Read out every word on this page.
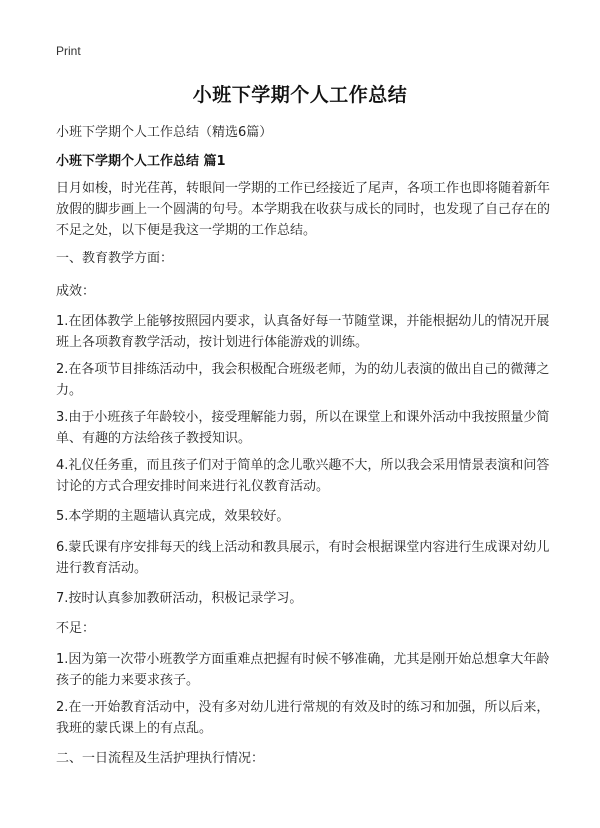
Print
小班下学期个人工作总结
小班下学期个人工作总结（精选6篇）
小班下学期个人工作总结 篇1

日月如梭，时光荏苒，转眼间一学期的工作已经接近了尾声，各项工作也即将随着新年放假的脚步画上一个圆满的句号。本学期我在收获与成长的同时，也发现了自己存在的不足之处，以下便是我这一学期的工作总结。

一、教育教学方面：

成效：

1.在团体教学上能够按照园内要求，认真备好每一节随堂课，并能根据幼儿的情况开展班上各项教育教学活动，按计划进行体能游戏的训练。

2.在各项节目排练活动中，我会积极配合班级老师，为的幼儿表演的做出自己的微薄之力。

3.由于小班孩子年龄较小，接受理解能力弱，所以在课堂上和课外活动中我按照量少简单、有趣的方法给孩子教授知识。

4.礼仪任务重，而且孩子们对于简单的念儿歌兴趣不大，所以我会采用情景表演和问答讨论的方式合理安排时间来进行礼仪教育活动。

5.本学期的主题墙认真完成，效果较好。

6.蒙氏课有序安排每天的线上活动和教具展示，有时会根据课堂内容进行生成课对幼儿进行教育活动。

7.按时认真参加教研活动，积极记录学习。

不足：

1.因为第一次带小班教学方面重难点把握有时候不够准确，尤其是刚开始总想拿大年龄孩子的能力来要求孩子。

2.在一开始教育活动中，没有多对幼儿进行常规的有效及时的练习和加强，所以后来，我班的蒙氏课上的有点乱。

二、一日流程及生活护理执行情况：
